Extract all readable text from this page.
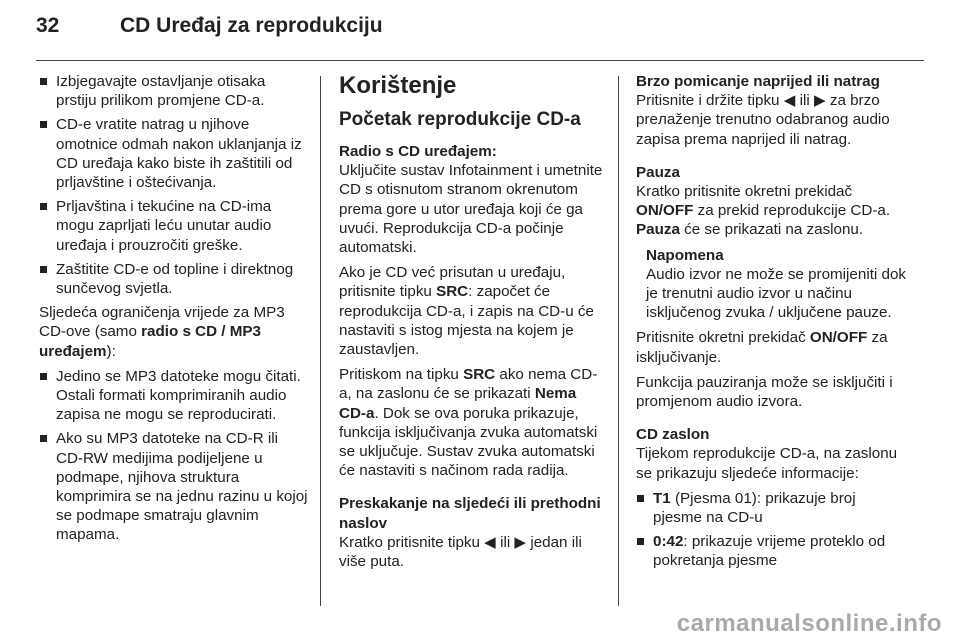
32	CD Uređaj za reprodukciju
Izbjegavajte ostavljanje otisaka prstiju prilikom promjene CD-a.
CD-e vratite natrag u njihove omotnice odmah nakon uklanjanja iz CD uređaja kako biste ih zaštitili od prljavštine i oštećivanja.
Prljavština i tekućine na CD-ima mogu zaprljati leću unutar audio uređaja i prouzročiti greške.
Zaštitite CD-e od topline i direktnog sunčevog svjetla.

Sljedeća ograničenja vrijede za MP3 CD-ove (samo radio s CD / MP3 uređajem):

Jedino se MP3 datoteke mogu čitati. Ostali formati komprimiranih audio zapisa ne mogu se reproducirati.
Ako su MP3 datoteke na CD-R ili CD-RW medijima podijeljene u podmape, njihova struktura komprimira se na jednu razinu u kojoj se podmape smatraju glavnim mapama.
Korištenje
Početak reprodukcije CD-a
Radio s CD uređajem:

Uključite sustav Infotainment i umetnite CD s otisnutom stranom okrenutom prema gore u utor uređaja koji će ga uvući. Reprodukcija CD-a počinje automatski.

Ako je CD već prisutan u uređaju, pritisnite tipku SRC: započet će reprodukcija CD-a, i zapis na CD-u će nastaviti s istog mjesta na kojem je zaustavljen.

Pritiskom na tipku SRC ako nema CD-a, na zaslonu će se prikazati Nema CD-a. Dok se ova poruka prikazuje, funkcija isključivanja zvuka automatski se uključuje. Sustav zvuka automatski će nastaviti s načinom rada radija.

Preskakanje na sljedeći ili prethodni naslov

Kratko pritisnite tipku ◀ ili ▶ jedan ili više puta.

Brzo pomicanje naprijed ili natrag

Pritisnite i držite tipku ◀ ili ▶ za brzo preлаženje trenutno odabranog audio zapisa prema naprijed ili natrag.

Pauza
Kratko pritisnite okretni prekidač ON/OFF za prekid reprodukcije CD-a.

Pauza će se prikazati na zaslonu.

Napomena
Audio izvor ne može se promijeniti dok je trenutni audio izvor u načinu isključenog zvuka / uključene pauze.

Pritisnite okretni prekidač ON/OFF za isključivanje.

Funkcija pauziranja može se isključiti i promjenom audio izvora.

CD zaslon

Tijekom reprodukcije CD-a, na zaslonu se prikazuju sljedeće informacije:

T1 (Pjesma 01): prikazuje broj pjesme na CD-u
0:42: prikazuje vrijeme proteklo od pokretanja pjesme
carmanualsonline.info
